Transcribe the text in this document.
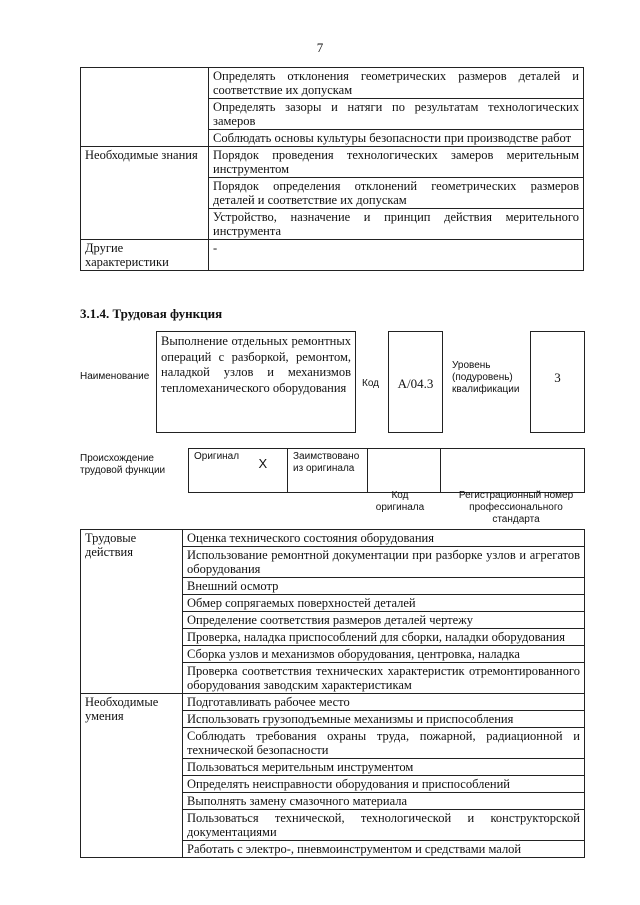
7
	Определять отклонения геометрических размеров деталей и соответствие их допускам
	Определять зазоры и натяги по результатам технологических замеров
	Соблюдать основы культуры безопасности при производстве работ
Необходимые знания	Порядок проведения технологических замеров мерительным инструментом
	Порядок определения отклонений геометрических размеров деталей и соответствие их допускам
	Устройство, назначение и принцип действия мерительного инструмента
Другие характеристики	-
3.1.4. Трудовая функция
Наименование
Выполнение отдельных ремонтных операций с разборкой, ремонтом, наладкой узлов и механизмов тепломеханического оборудования	Код	А/04.3
Уровень (подуровень) квалификации
3
Происхождение трудовой функции
Оригинал	X	Заимствовано из оригинала		
Код оригинала
Регистрационный номер профессионального стандарта
Трудовые действия	Оценка технического состояния оборудования
	Использование ремонтной документации при разборке узлов и агрегатов оборудования
	Внешний осмотр
	Обмер сопрягаемых поверхностей деталей
	Определение соответствия размеров деталей чертежу
	Проверка, наладка приспособлений для сборки, наладки оборудования
	Сборка узлов и механизмов оборудования, центровка, наладка
	Проверка соответствия технических характеристик отремонтированного оборудования заводским характеристикам
Необходимые умения	Подготавливать рабочее место
	Использовать грузоподъемные механизмы и приспособления
	Соблюдать требования охраны труда, пожарной, радиационной и технической безопасности
	Пользоваться мерительным инструментом
	Определять неисправности оборудования и приспособлений
	Выполнять замену смазочного материала
	Пользоваться технической, технологической и конструкторской документациями
	Работать с электро-, пневмоинструментом и средствами малой
